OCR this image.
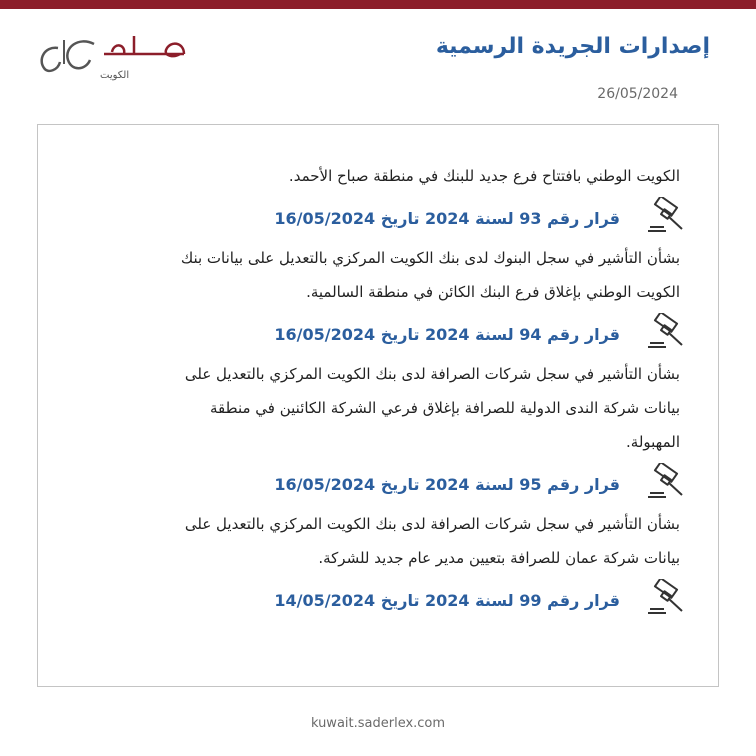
الكويت
إصدارات الجريدة الرسمية
26/05/2024

الكويت الوطني بافتتاح فرع جديد للبنك في منطقة صباح الأحمد.

قرار رقم 93 لسنة 2024 تاريخ 16/05/2024

بشأن التأشير في سجل البنوك لدى بنك الكويت المركزي بالتعديل على بيانات بنك

الكويت الوطني بإغلاق فرع البنك الكائن في منطقة السالمية.

قرار رقم 94 لسنة 2024 تاريخ 16/05/2024

بشأن التأشير في سجل شركات الصرافة لدى بنك الكويت المركزي بالتعديل على

بيانات شركة الندى الدولية للصرافة بإغلاق فرعي الشركة الكائنين في منطقة

المهبولة.

قرار رقم 95 لسنة 2024 تاريخ 16/05/2024

بشأن التأشير في سجل شركات الصرافة لدى بنك الكويت المركزي بالتعديل على

بيانات شركة عمان للصرافة بتعيين مدير عام جديد للشركة.

قرار رقم 99 لسنة 2024 تاريخ 14/05/2024
kuwait.saderlex.com
